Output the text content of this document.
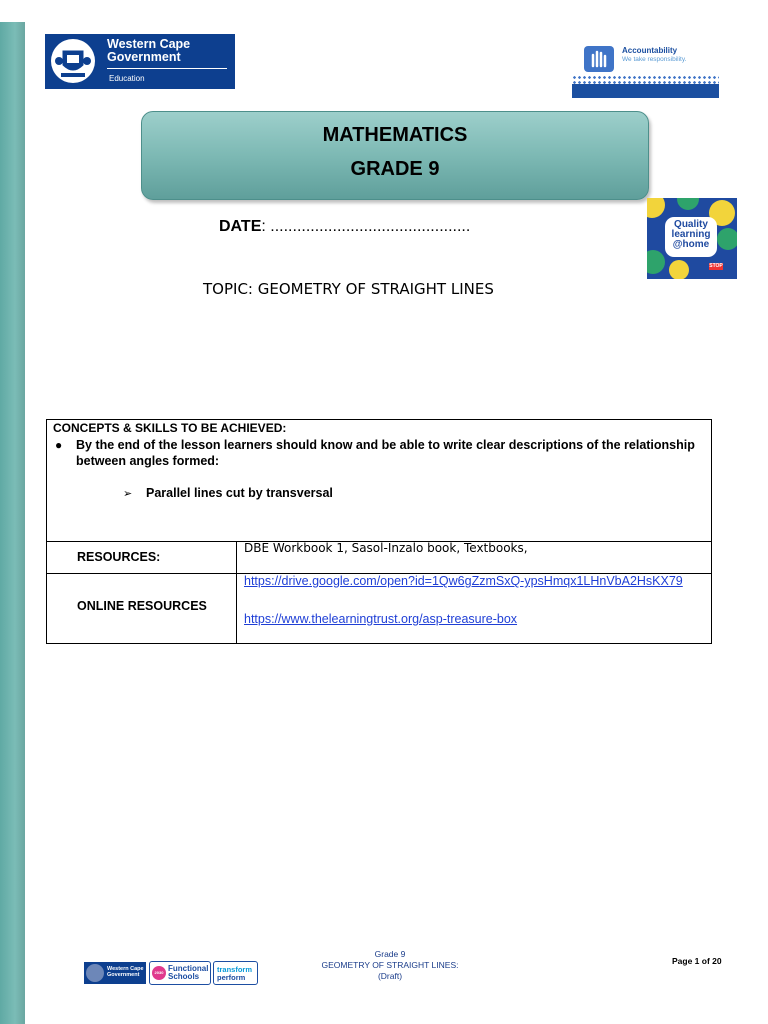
Western Cape
Government
Education
Accountability
We take responsibility.
MATHEMATICS
GRADE 9
Quality
learning
@home
STOP
DATE: .............................................
TOPIC: GEOMETRY OF STRAIGHT LINES
CONCEPTS & SKILLS TO BE ACHIEVED:
● By the end of the lesson learners should know and be able to write clear descriptions of the relationship between angles formed:
➢ Parallel lines cut by transversal
RESOURCES:
DBE Workbook 1, Sasol-Inzalo book, Textbooks,
ONLINE RESOURCES
https://drive.google.com/open?id=1Qw6gZzmSxQ-ypsHmqx1LHnVbA2HsKX79
https://www.thelearningtrust.org/asp-treasure-box
Western Cape
Government	2030 Functional
Schools
transform
perform
Grade 9
GEOMETRY OF STRAIGHT LINES:
(Draft)
Page 1 of 20
